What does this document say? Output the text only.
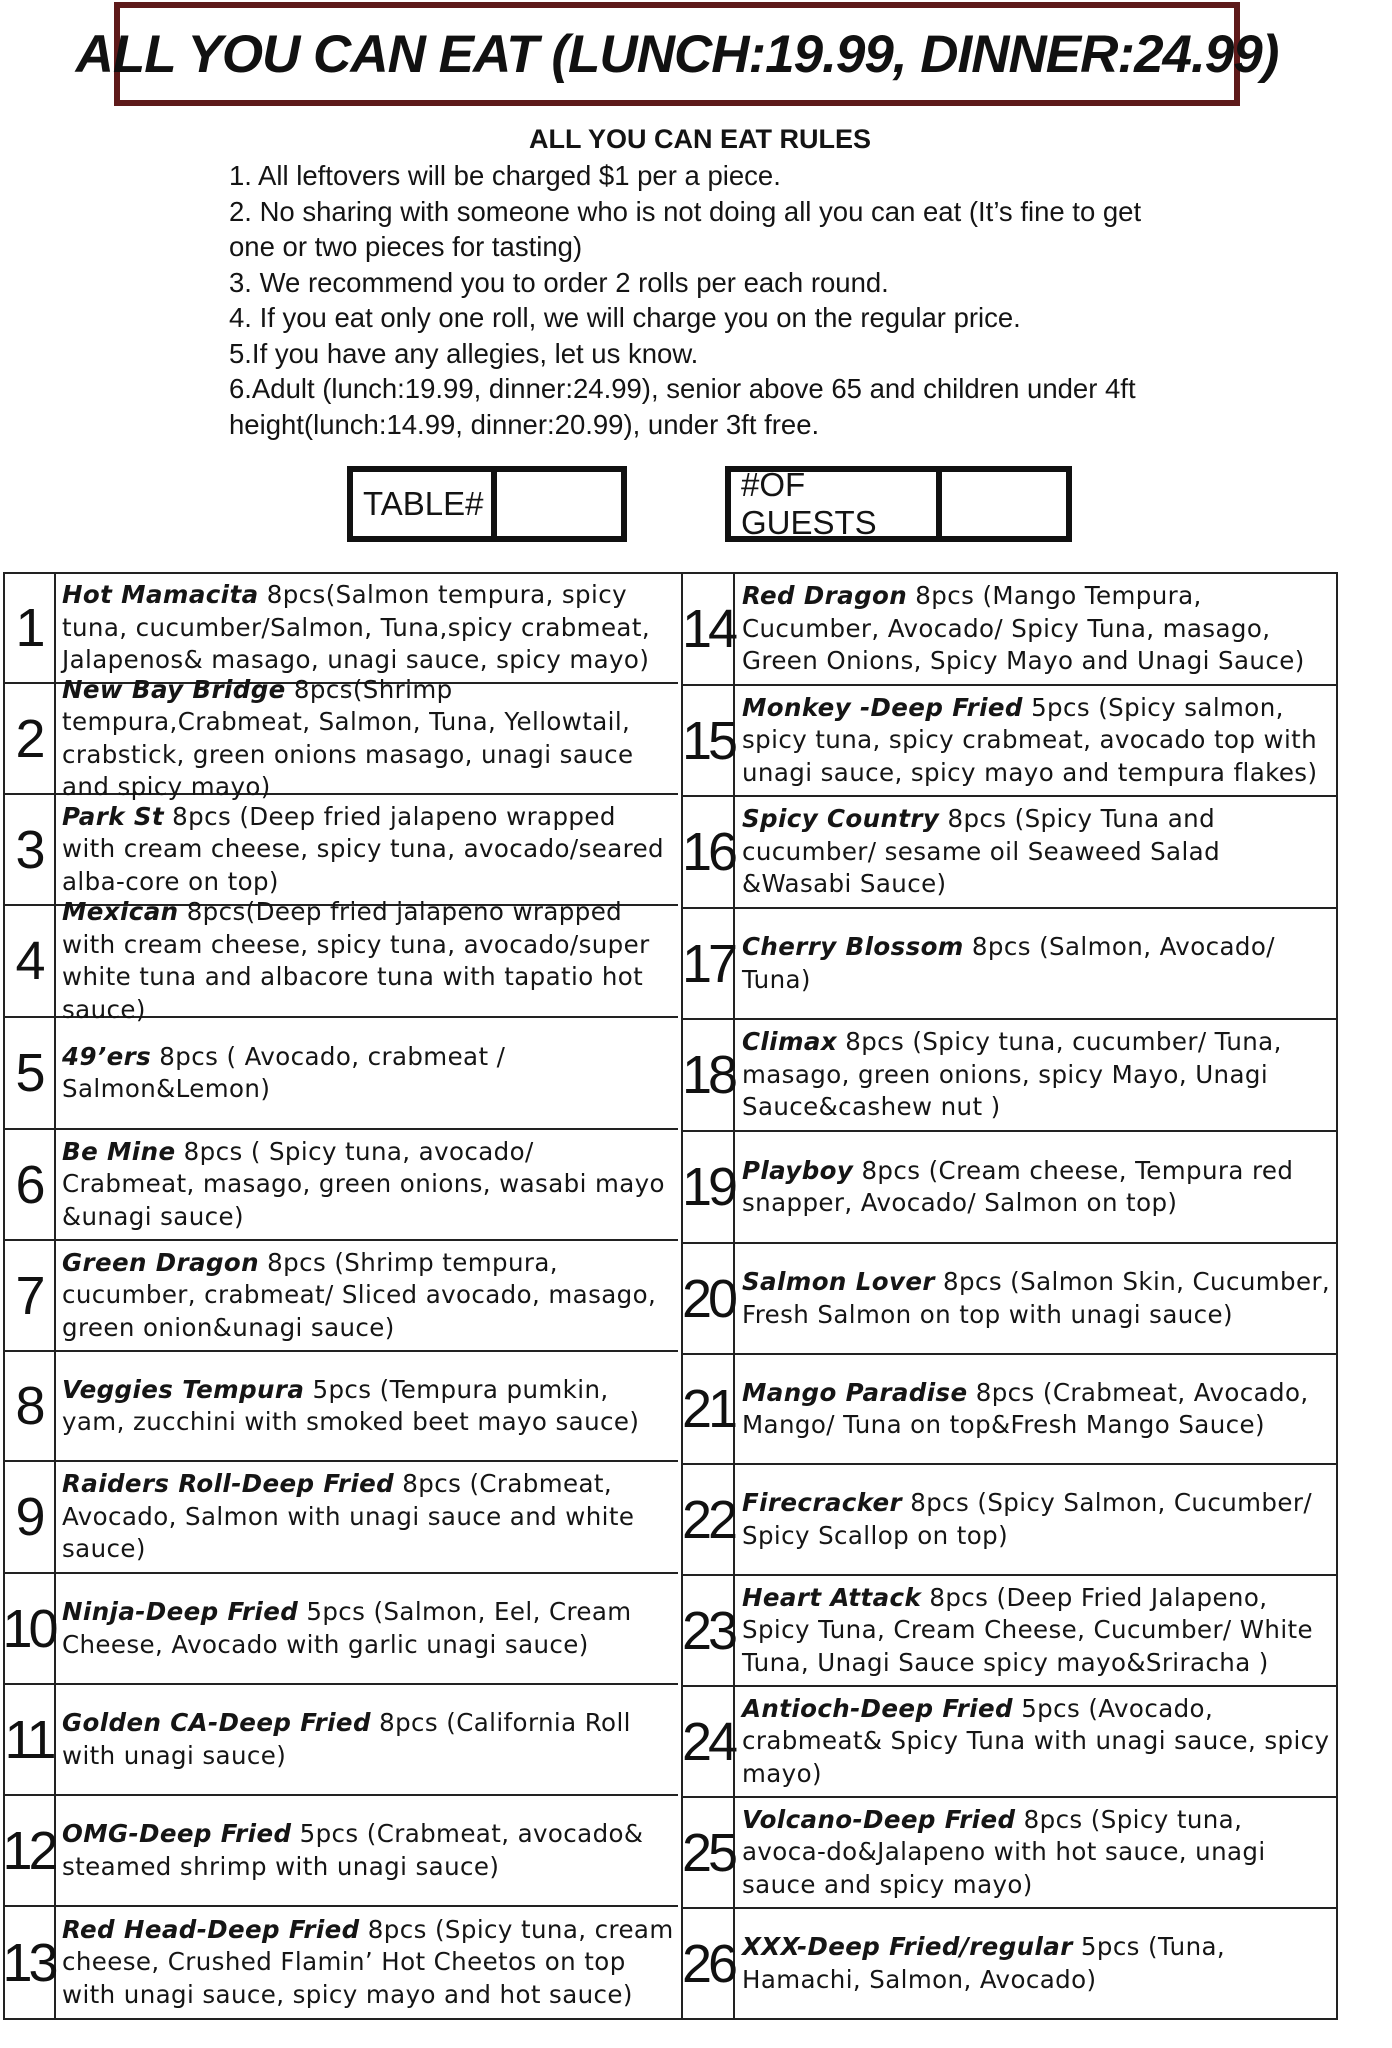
ALL YOU CAN EAT (LUNCH:19.99, DINNER:24.99)
ALL YOU CAN EAT RULES
1. All leftovers will be charged $1 per a piece.
2. No sharing with someone who is not doing all you can eat (It’s fine to get
one or two pieces for tasting)
3. We recommend you to order 2 rolls per each round.
4. If you eat only one roll, we will charge you on the regular price.
5.If you have any allegies, let us know.
6.Adult (lunch:19.99, dinner:24.99), senior above 65 and children under 4ft
height(lunch:14.99, dinner:20.99), under 3ft free.
TABLE#
#OF GUESTS
1
Hot Mamacita 8pcs(Salmon tempura, spicy tuna, cucumber/Salmon, Tuna,spicy crabmeat, Jalapenos& masago, unagi sauce, spicy mayo)
2
New Bay Bridge 8pcs(Shrimp tempura,Crabmeat, Salmon, Tuna, Yellowtail, crabstick, green onions masago, unagi sauce and spicy mayo)
3
Park St 8pcs (Deep fried jalapeno wrapped with cream cheese, spicy tuna, avocado/seared alba-core on top)
4
Mexican 8pcs(Deep fried jalapeno wrapped with cream cheese, spicy tuna, avocado/super white tuna and albacore tuna with tapatio hot sauce)
5 49’ers 8pcs ( Avocado, crabmeat / Salmon&Lemon)
6
Be Mine 8pcs ( Spicy tuna, avocado/ Crabmeat, masago, green onions, wasabi mayo &unagi sauce)
7
Green Dragon 8pcs (Shrimp tempura, cucumber, crabmeat/ Sliced avocado, masago, green onion&unagi sauce)
8 Veggies Tempura 5pcs (Tempura pumkin, yam, zucchini with smoked beet mayo sauce)
9
Raiders Roll-Deep Fried 8pcs (Crabmeat, Avocado, Salmon with unagi sauce and white sauce)
10 Ninja-Deep Fried 5pcs (Salmon, Eel, Cream Cheese, Avocado with garlic unagi sauce)
11 Golden CA-Deep Fried 8pcs (California Roll with unagi sauce)
12 OMG-Deep Fried 5pcs (Crabmeat, avocado& steamed shrimp with unagi sauce)
13
Red Head-Deep Fried 8pcs (Spicy tuna, cream cheese, Crushed Flamin’ Hot Cheetos on top with unagi sauce, spicy mayo and hot sauce)
14
Red Dragon 8pcs (Mango Tempura, Cucumber, Avocado/ Spicy Tuna, masago, Green Onions, Spicy Mayo and Unagi Sauce)
15
Monkey -Deep Fried 5pcs (Spicy salmon, spicy tuna, spicy crabmeat, avocado top with unagi sauce, spicy mayo and tempura flakes)
16
Spicy Country 8pcs (Spicy Tuna and cucumber/ sesame oil Seaweed Salad &Wasabi Sauce)
17 Cherry Blossom 8pcs (Salmon, Avocado/ Tuna)
18
Climax 8pcs (Spicy tuna, cucumber/ Tuna, masago, green onions, spicy Mayo, Unagi Sauce&cashew nut )
19 Playboy 8pcs (Cream cheese, Tempura red snapper, Avocado/ Salmon on top)
20 Salmon Lover 8pcs (Salmon Skin, Cucumber, Fresh Salmon on top with unagi sauce)
21 Mango Paradise 8pcs (Crabmeat, Avocado, Mango/ Tuna on top&Fresh Mango Sauce)
22 Firecracker 8pcs (Spicy Salmon, Cucumber/ Spicy Scallop on top)
23
Heart Attack 8pcs (Deep Fried Jalapeno, Spicy Tuna, Cream Cheese, Cucumber/ White Tuna, Unagi Sauce spicy mayo&Sriracha )
24
Antioch-Deep Fried 5pcs (Avocado, crabmeat& Spicy Tuna with unagi sauce, spicy mayo)
25
Volcano-Deep Fried 8pcs (Spicy tuna, avoca-do&Jalapeno with hot sauce, unagi sauce and spicy mayo)
26 XXX-Deep Fried/regular 5pcs (Tuna, Hamachi, Salmon, Avocado)
